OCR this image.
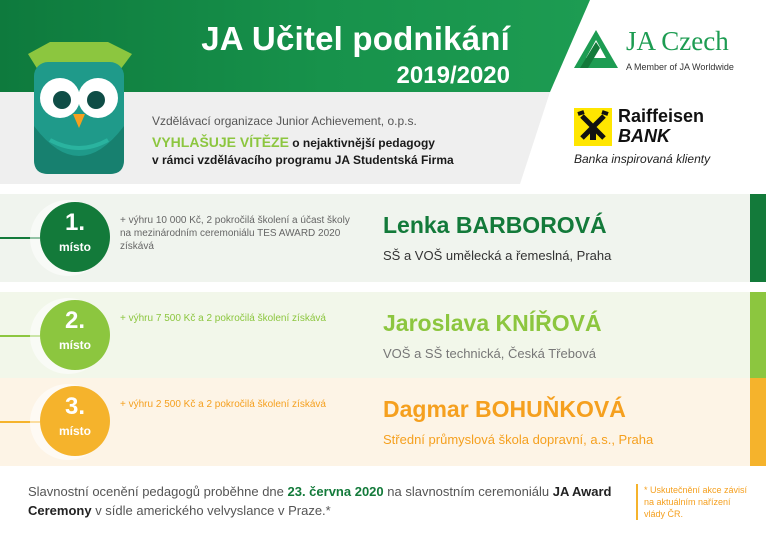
JA Učitel podnikání
2019/2020
Vzdělávací organizace Junior Achievement, o.p.s.
VYHLAŠUJE VÍTĚZE o nejaktivnější pedagogy
v rámci vzdělávacího programu JA Studentská Firma
JA Czech
A Member of JA Worldwide
Raiffeisen
BANK
Banka inspirovaná klienty
1.
místo
+ výhru 10 000 Kč, 2 pokročilá školení a účast školy na mezinárodním ceremoniálu TES AWARD 2020 získává
Lenka BARBOROVÁ
SŠ a VOŠ umělecká a řemeslná, Praha
2.
místo
+ výhru 7 500 Kč a 2 pokročilá školení získává	Jaroslava KNÍŘOVÁ
VOŠ a SŠ technická, Česká Třebová
3.
místo
+ výhru 2 500 Kč a 2 pokročilá školení získává	Dagmar BOHUŇKOVÁ
Střední průmyslová škola dopravní, a.s., Praha
Slavnostní ocenění pedagogů proběhne dne 23. června 2020 na slavnostním ceremoniálu JA Award Ceremony v sídle amerického velvyslance v Praze.*
* Uskutečnění akce závisí na aktuálním nařízení vlády ČR.
